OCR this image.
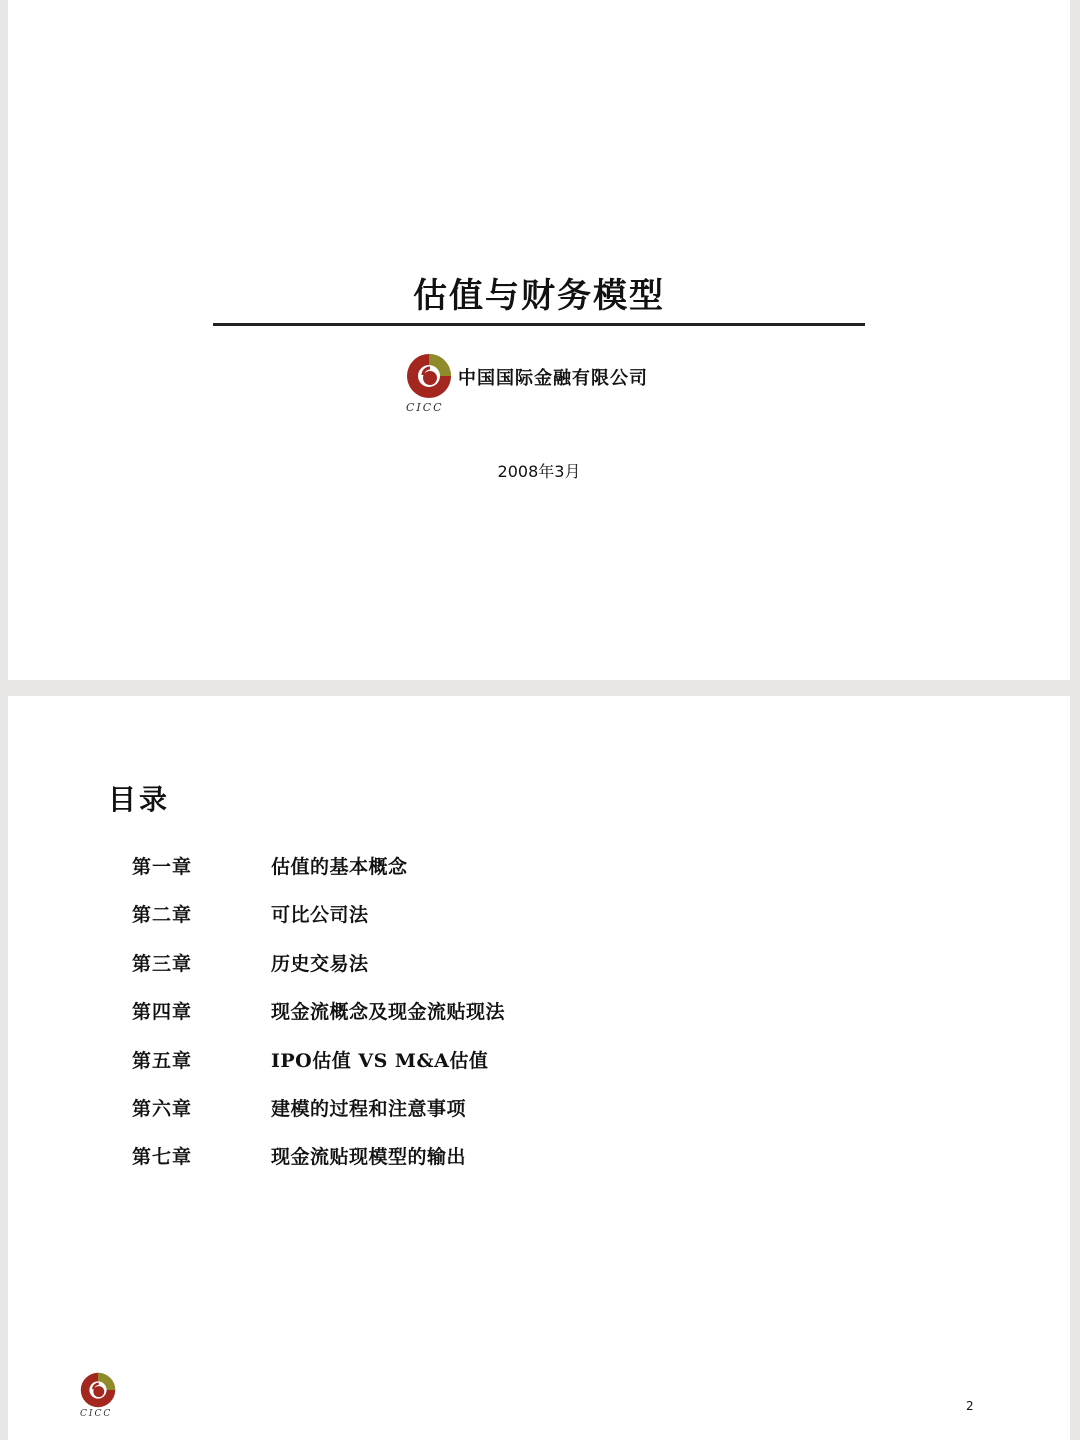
估值与财务模型
CICC
中国国际金融有限公司
2008年3月
目录
第一章	估值的基本概念
第二章	可比公司法
第三章	历史交易法
第四章	现金流概念及现金流贴现法
第五章	IPO估值 VS M&A估值
第六章	建模的过程和注意事项
第七章	现金流贴现模型的输出
CICC
2
